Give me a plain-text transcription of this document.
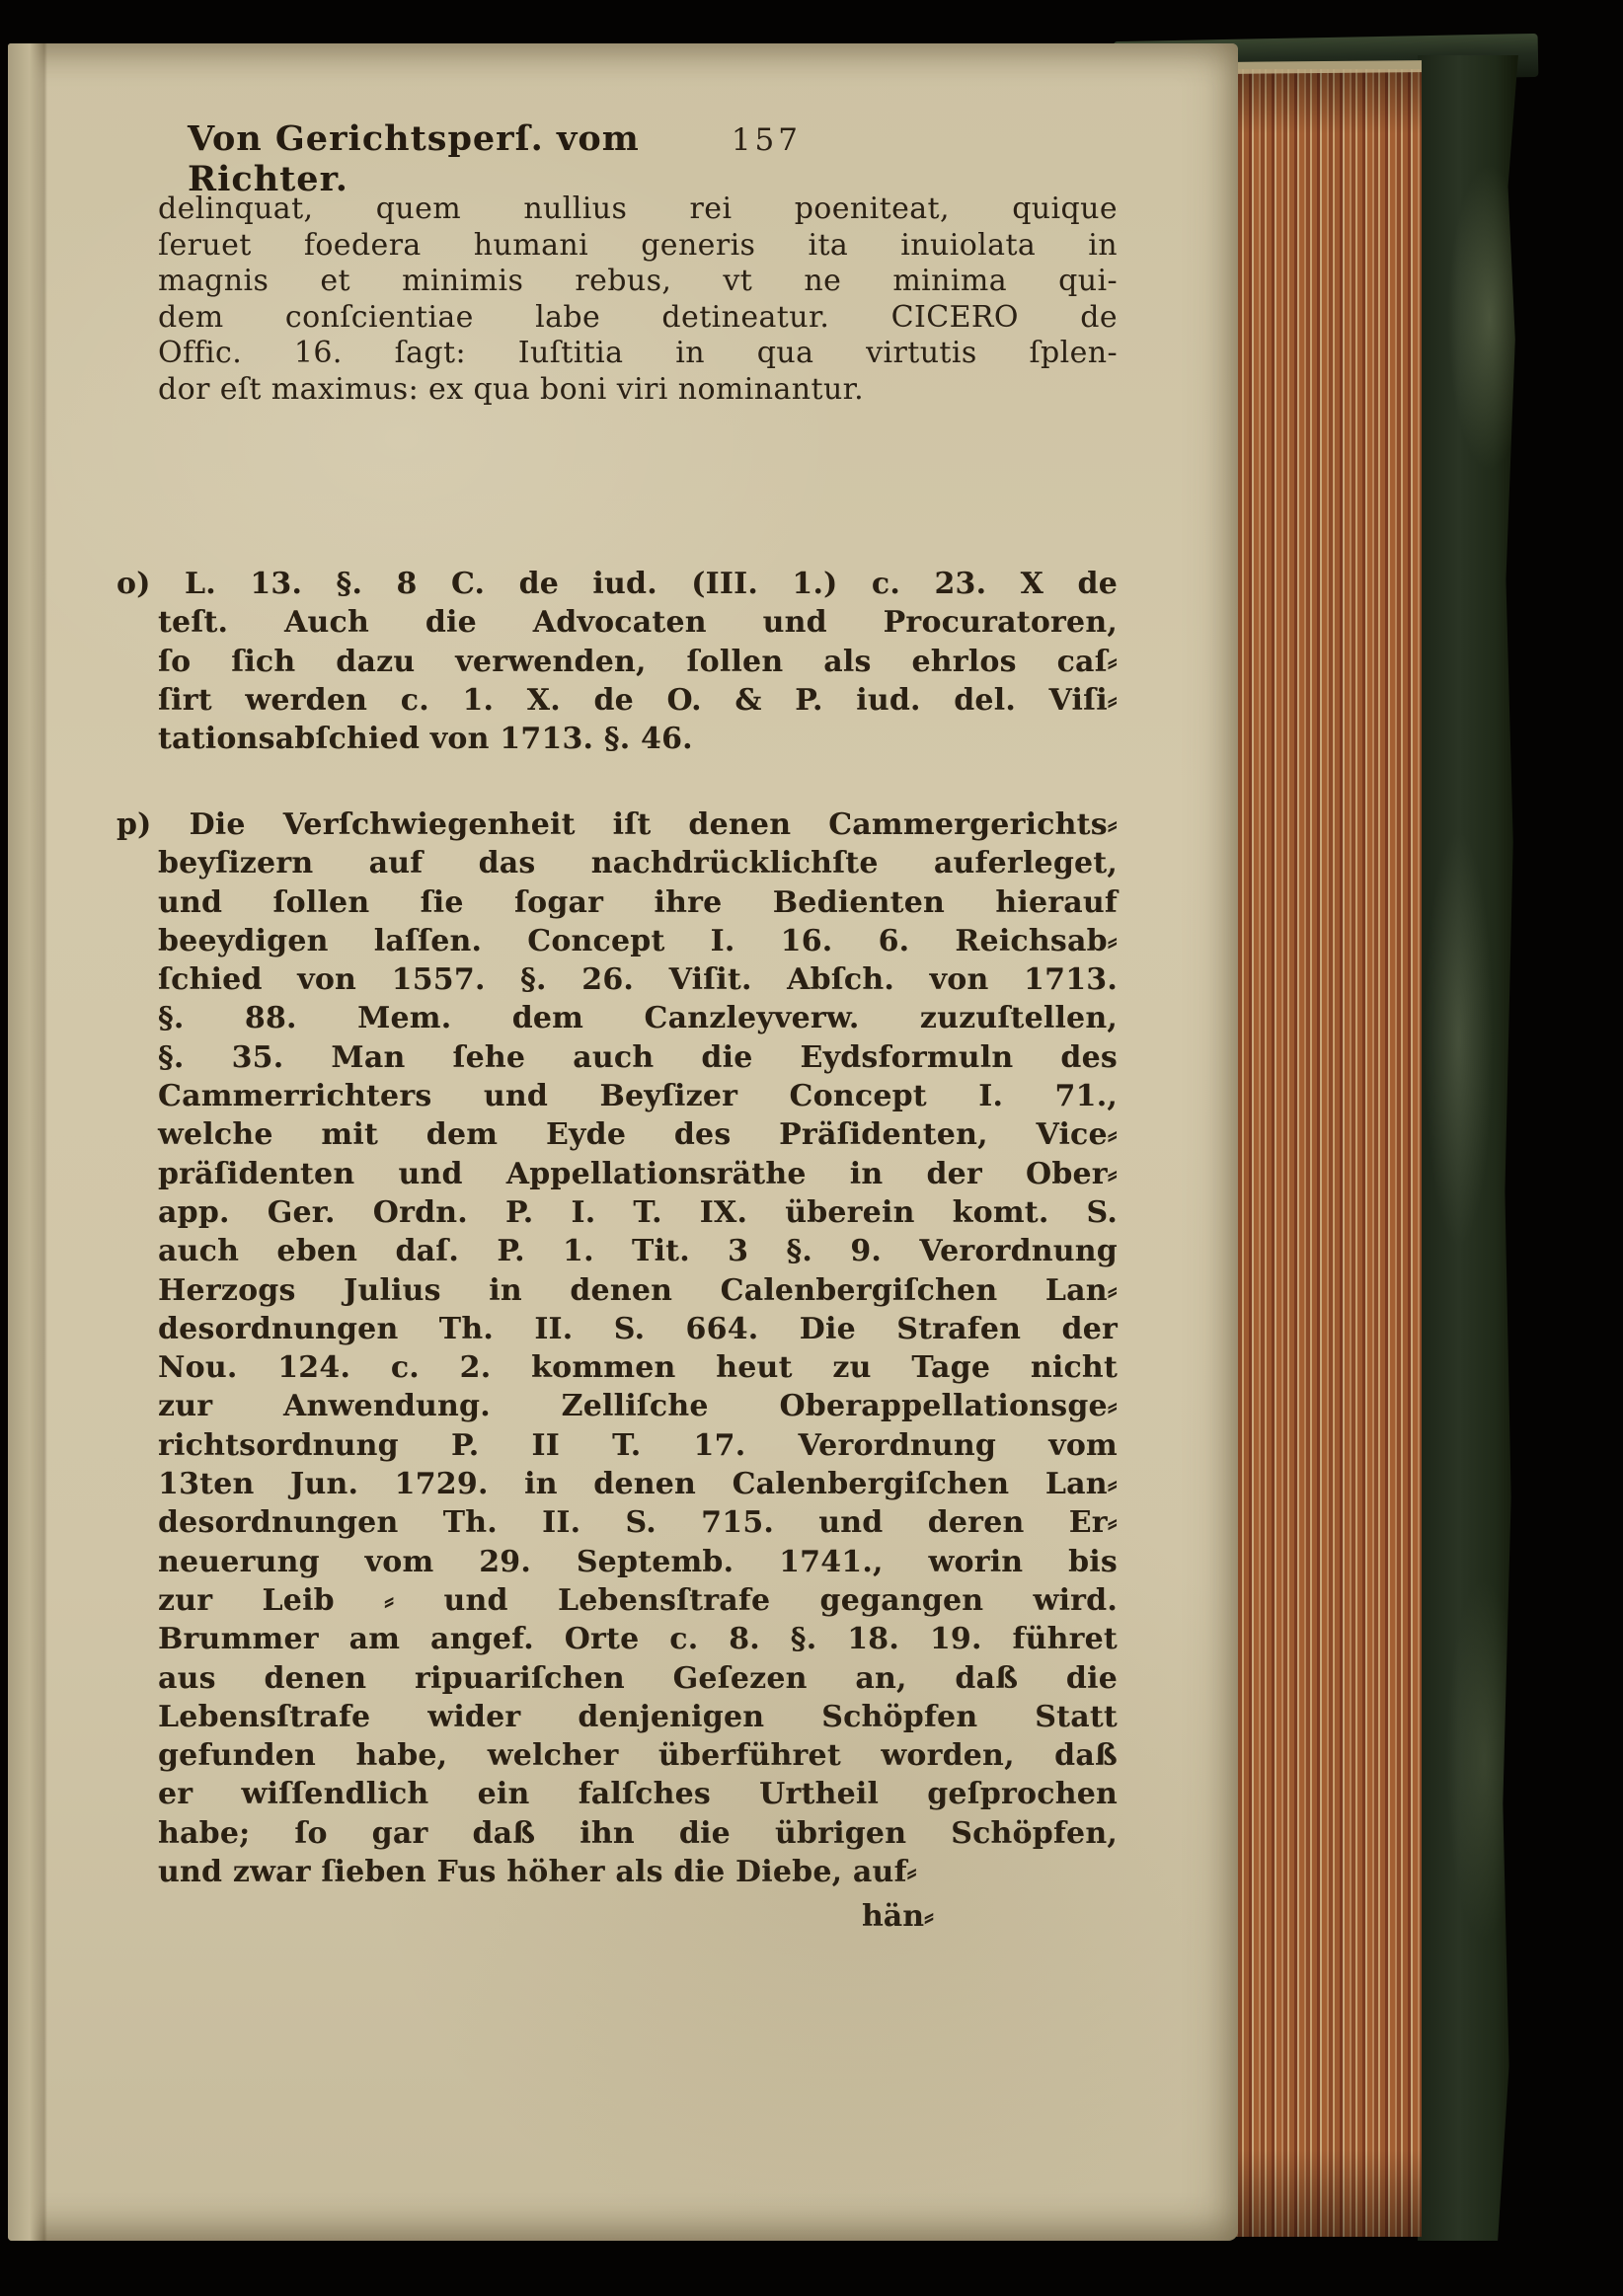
Von Gerichtsperſ. vom Richter.
157
delinquat, quem nullius rei poeniteat, quique
ſeruet foedera humani generis ita inuiolata in
magnis et minimis rebus, vt ne minima qui-
dem conſcientiae labe detineatur. CICERO de
Offic. 16. ſagt: Iuſtitia in qua virtutis ſplen-
dor eſt maximus: ex qua boni viri nominantur.
o) L. 13. §. 8 C. de iud. (III. 1.) c. 23. X de
teſt. Auch die Advocaten und Procuratoren,
ſo ſich dazu verwenden, ſollen als ehrlos caſ⸗
ſirt werden c. 1. X. de O. & P. iud. del. Viſi⸗
tationsabſchied von 1713. §. 46.
p) Die Verſchwiegenheit iſt denen Cammergerichts⸗
beyſizern auf das nachdrücklichſte auferleget,
und ſollen ſie ſogar ihre Bedienten hierauf
beeydigen laſſen. Concept I. 16. 6. Reichsab⸗
ſchied von 1557. §. 26. Viſit. Abſch. von 1713.
§. 88. Mem. dem Canzleyverw. zuzuſtellen,
§. 35. Man ſehe auch die Eydsformuln des
Cammerrichters und Beyſizer Concept I. 71.,
welche mit dem Eyde des Präſidenten, Vice⸗
präſidenten und Appellationsräthe in der Ober⸗
app. Ger. Ordn. P. I. T. IX. überein komt. S.
auch eben daſ. P. 1. Tit. 3 §. 9. Verordnung
Herzogs Julius in denen Calenbergiſchen Lan⸗
desordnungen Th. II. S. 664. Die Strafen der
Nou. 124. c. 2. kommen heut zu Tage nicht
zur Anwendung. Zelliſche Oberappellationsge⸗
richtsordnung P. II T. 17. Verordnung vom
13ten Jun. 1729. in denen Calenbergiſchen Lan⸗
desordnungen Th. II. S. 715. und deren Er⸗
neuerung vom 29. Septemb. 1741., worin bis
zur Leib ⸗ und Lebensſtrafe gegangen wird.
Brummer am angef. Orte c. 8. §. 18. 19. führet
aus denen ripuariſchen Geſezen an, daß die
Lebensſtrafe wider denjenigen Schöpfen Statt
gefunden habe, welcher überführet worden, daß
er wiſſendlich ein falſches Urtheil geſprochen
habe; ſo gar daß ihn die übrigen Schöpfen,
und zwar ſieben Fus höher als die Diebe, auf⸗
hän⸗
